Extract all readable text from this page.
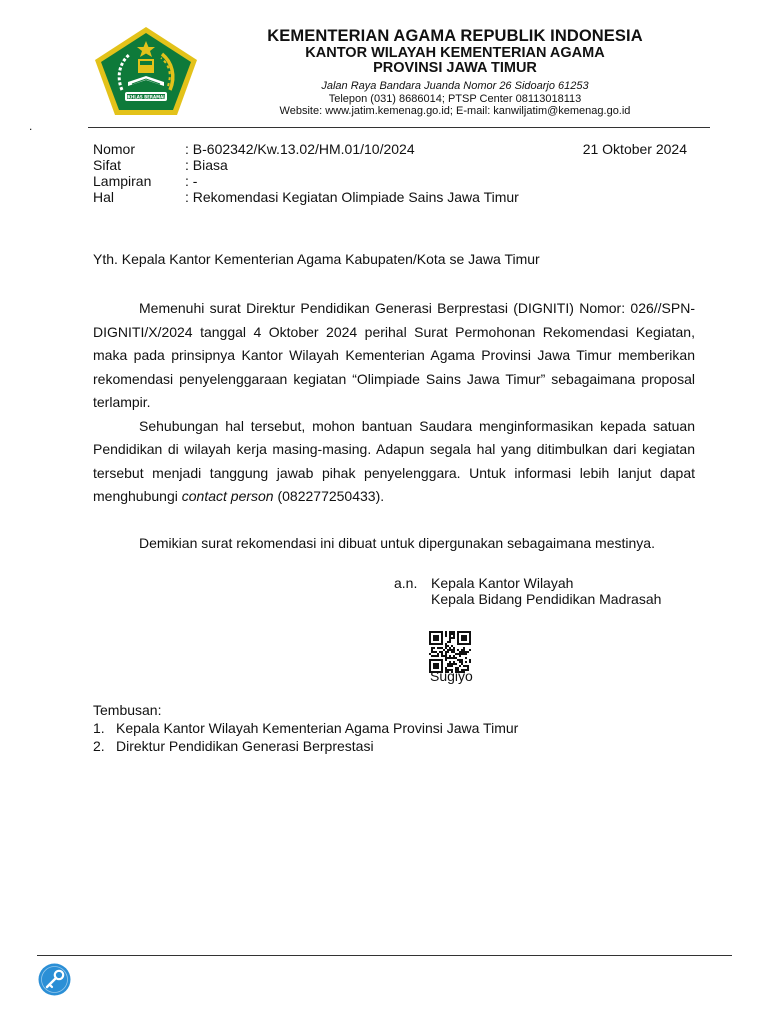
IKHLAS BERAMAL
KEMENTERIAN AGAMA REPUBLIK INDONESIA
KANTOR WILAYAH KEMENTERIAN AGAMA
PROVINSI JAWA TIMUR
Jalan Raya Bandara Juanda Nomor 26 Sidoarjo 61253
Telepon (031) 8686014; PTSP Center 08113018113
Website: www.jatim.kemenag.go.id; E-mail: kanwiljatim@kemenag.go.id
.
Nomor	: B-602342/Kw.13.02/HM.01/10/2024
Sifat	: Biasa
Lampiran	: -
Hal	: Rekomendasi Kegiatan Olimpiade Sains Jawa Timur
21 Oktober 2024
Yth. Kepala Kantor Kementerian Agama Kabupaten/Kota se Jawa Timur

Memenuhi surat Direktur Pendidikan Generasi Berprestasi (DIGNITI) Nomor: 026//SPN-DIGNITI/X/2024 tanggal 4 Oktober 2024 perihal Surat Permohonan Rekomendasi Kegiatan, maka pada prinsipnya Kantor Wilayah Kementerian Agama Provinsi Jawa Timur memberikan rekomendasi penyelenggaraan kegiatan “Olimpiade Sains Jawa Timur” sebagaimana proposal terlampir.

Sehubungan hal tersebut, mohon bantuan Saudara menginformasikan kepada satuan Pendidikan di wilayah kerja masing-masing. Adapun segala hal yang ditimbulkan dari kegiatan tersebut menjadi tanggung jawab pihak penyelenggara. Untuk informasi lebih lanjut dapat menghubungi contact person (082277250433).

Demikian surat rekomendasi ini dibuat untuk dipergunakan sebagaimana mestinya.
a.n. Kepala Kantor Wilayah
Kepala Bidang Pendidikan Madrasah
Sugiyo
Tembusan:
1. Kepala Kantor Wilayah Kementerian Agama Provinsi Jawa Timur
2. Direktur Pendidikan Generasi Berprestasi
